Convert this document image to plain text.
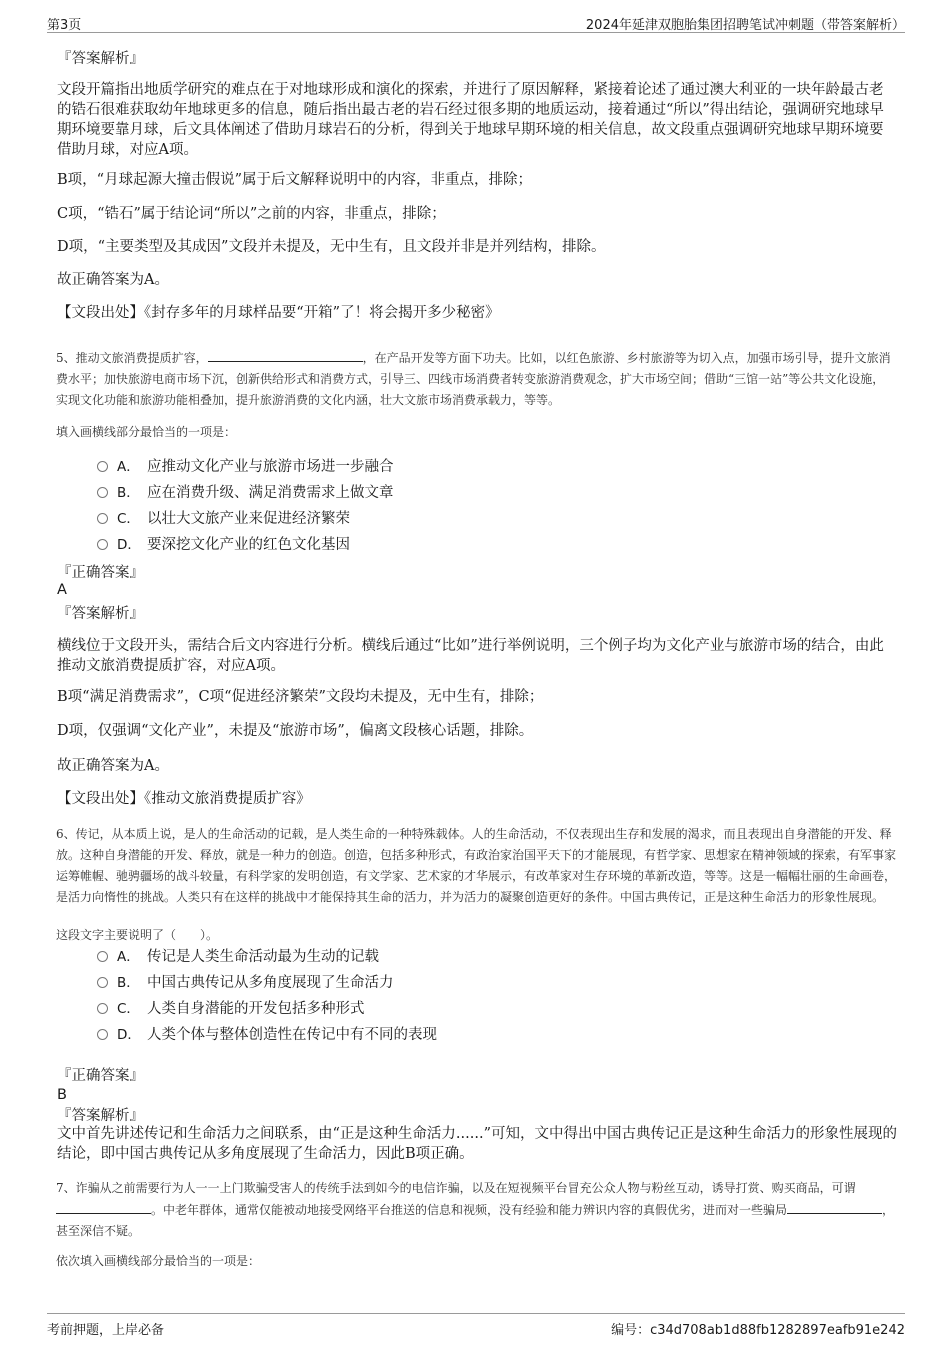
第3页	2024年延津双胞胎集团招聘笔试冲刺题（带答案解析）
『答案解析』
文段开篇指出地质学研究的难点在于对地球形成和演化的探索，并进行了原因解释，紧接着论述了通过澳大利亚的一块年龄最古老的锆石很难获取幼年地球更多的信息，随后指出最古老的岩石经过很多期的地质运动，接着通过“所以”得出结论，强调研究地球早期环境要靠月球，后文具体阐述了借助月球岩石的分析，得到关于地球早期环境的相关信息，故文段重点强调研究地球早期环境要借助月球，对应A项。
B项，“月球起源大撞击假说”属于后文解释说明中的内容，非重点，排除；
C项，“锆石”属于结论词“所以”之前的内容，非重点，排除；
D项，“主要类型及其成因”文段并未提及，无中生有，且文段并非是并列结构，排除。
故正确答案为A。
【文段出处】《封存多年的月球样品要“开箱”了！将会揭开多少秘密》
5、推动文旅消费提质扩容，	，在产品开发等方面下功夫。比如，以红色旅游、乡村旅游等为切入点，加强市场引导，提升文旅消费水平；加快旅游电商市场下沉，创新供给形式和消费方式，引导三、四线市场消费者转变旅游消费观念，扩大市场空间；借助“三馆一站”等公共文化设施，实现文化功能和旅游功能相叠加，提升旅游消费的文化内涵，壮大文旅市场消费承载力，等等。
填入画横线部分最恰当的一项是：
A． 应推动文化产业与旅游市场进一步融合
B． 应在消费升级、满足消费需求上做文章
C． 以壮大文旅产业来促进经济繁荣
D． 要深挖文化产业的红色文化基因
『正确答案』
A
『答案解析』
横线位于文段开头，需结合后文内容进行分析。横线后通过“比如”进行举例说明，三个例子均为文化产业与旅游市场的结合，由此推动文旅消费提质扩容，对应A项。
B项“满足消费需求”，C项“促进经济繁荣”文段均未提及，无中生有，排除；
D项，仅强调“文化产业”，未提及“旅游市场”，偏离文段核心话题，排除。
故正确答案为A。
【文段出处】《推动文旅消费提质扩容》
6、传记，从本质上说，是人的生命活动的记载，是人类生命的一种特殊载体。人的生命活动，不仅表现出生存和发展的渴求，而且表现出自身潜能的开发、释放。这种自身潜能的开发、释放，就是一种力的创造。创造，包括多种形式，有政治家治国平天下的才能展现，有哲学家、思想家在精神领域的探索，有军事家运筹帷幄、驰骋疆场的战斗较量，有科学家的发明创造，有文学家、艺术家的才华展示，有改革家对生存环境的革新改造，等等。这是一幅幅壮丽的生命画卷，是活力向惰性的挑战。人类只有在这样的挑战中才能保持其生命的活力，并为活力的凝聚创造更好的条件。中国古典传记，正是这种生命活力的形象性展现。
这段文字主要说明了（　　）。
A． 传记是人类生命活动最为生动的记载
B． 中国古典传记从多角度展现了生命活力
C． 人类自身潜能的开发包括多种形式
D． 人类个体与整体创造性在传记中有不同的表现
『正确答案』
B
『答案解析』
文中首先讲述传记和生命活力之间联系，由“正是这种生命活力......”可知，文中得出中国古典传记正是这种生命活力的形象性展现的结论，即中国古典传记从多角度展现了生命活力，因此B项正确。
7、诈骗从之前需要行为人一一上门欺骗受害人的传统手法到如今的电信诈骗，以及在短视频平台冒充公众人物与粉丝互动，诱导打赏、购买商品，可谓。中老年群体，通常仅能被动地接受网络平台推送的信息和视频，没有经验和能力辨识内容的真假优劣，进而对一些骗局	，甚至深信不疑。
依次填入画横线部分最恰当的一项是：
考前押题，上岸必备	编号：c34d708ab1d88fb1282897eafb91e242
